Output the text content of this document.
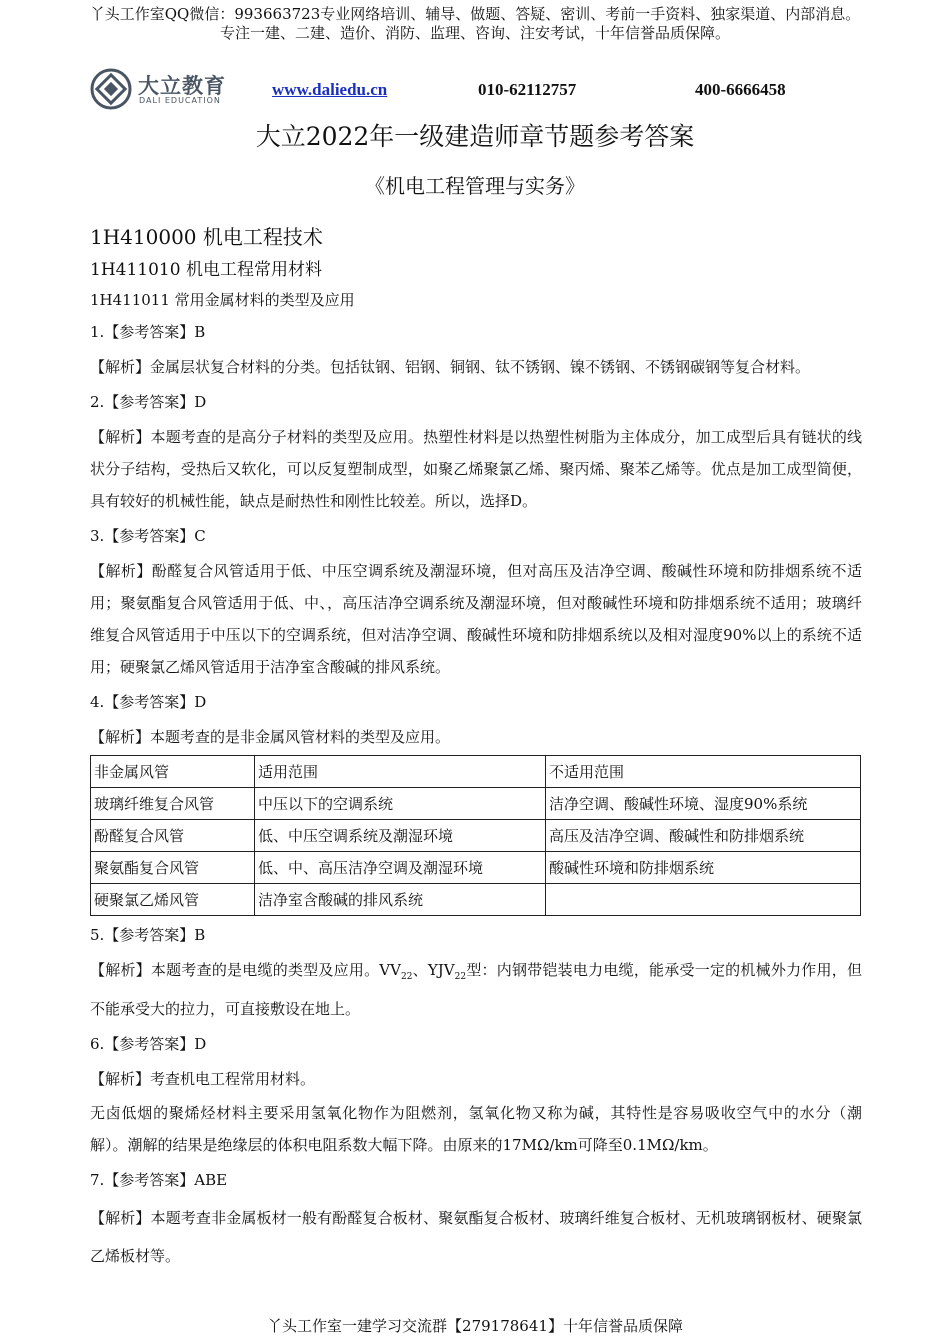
丫头工作室QQ微信：993663723专业网络培训、辅导、做题、答疑、密训、考前一手资料、独家渠道、内部消息。
专注一建、二建、造价、消防、监理、咨询、注安考试，十年信誉品质保障。
大立教育
DALI EDUCATION
www.daliedu.cn	010-62112757	400-6666458
大立2022年一级建造师章节题参考答案
《机电工程管理与实务》
1H410000 机电工程技术
1H411010 机电工程常用材料
1H411011 常用金属材料的类型及应用
1.【参考答案】B
【解析】金属层状复合材料的分类。包括钛钢、铝钢、铜钢、钛不锈钢、镍不锈钢、不锈钢碳钢等复合材料。
2.【参考答案】D
【解析】本题考查的是高分子材料的类型及应用。热塑性材料是以热塑性树脂为主体成分，加工成型后具有链状的线状分子结构，受热后又软化，可以反复塑制成型，如聚乙烯聚氯乙烯、聚丙烯、聚苯乙烯等。优点是加工成型简便，具有较好的机械性能，缺点是耐热性和刚性比较差。所以，选择D。
3.【参考答案】C
【解析】酚醛复合风管适用于低、中压空调系统及潮湿环境，但对高压及洁净空调、酸碱性环境和防排烟系统不适用；聚氨酯复合风管适用于低、中、，高压洁净空调系统及潮湿环境，但对酸碱性环境和防排烟系统不适用；玻璃纤维复合风管适用于中压以下的空调系统，但对洁净空调、酸碱性环境和防排烟系统以及相对湿度90%以上的系统不适用；硬聚氯乙烯风管适用于洁净室含酸碱的排风系统。
4.【参考答案】D
【解析】本题考查的是非金属风管材料的类型及应用。
非金属风管	适用范围	不适用范围
玻璃纤维复合风管	中压以下的空调系统	洁净空调、酸碱性环境、湿度90%系统
酚醛复合风管	低、中压空调系统及潮湿环境	高压及洁净空调、酸碱性和防排烟系统
聚氨酯复合风管	低、中、高压洁净空调及潮湿环境	酸碱性环境和防排烟系统
硬聚氯乙烯风管	洁净室含酸碱的排风系统	
5.【参考答案】B
【解析】本题考查的是电缆的类型及应用。$VV_{22}$、$YJV_{22}$型：内钢带铠装电力电缆，能承受一定的机械外力作用，但不能承受大的拉力，可直接敷设在地上。
6.【参考答案】D
【解析】考查机电工程常用材料。
无卤低烟的聚烯烃材料主要采用氢氧化物作为阻燃剂，氢氧化物又称为碱，其特性是容易吸收空气中的水分（潮解）。潮解的结果是绝缘层的体积电阻系数大幅下降。由原来的17MΩ/km可降至0.1MΩ/km。
7.【参考答案】ABE
【解析】本题考查非金属板材一般有酚醛复合板材、聚氨酯复合板材、玻璃纤维复合板材、无机玻璃钢板材、硬聚氯乙烯板材等。
丫头工作室一建学习交流群【279178641】十年信誉品质保障
